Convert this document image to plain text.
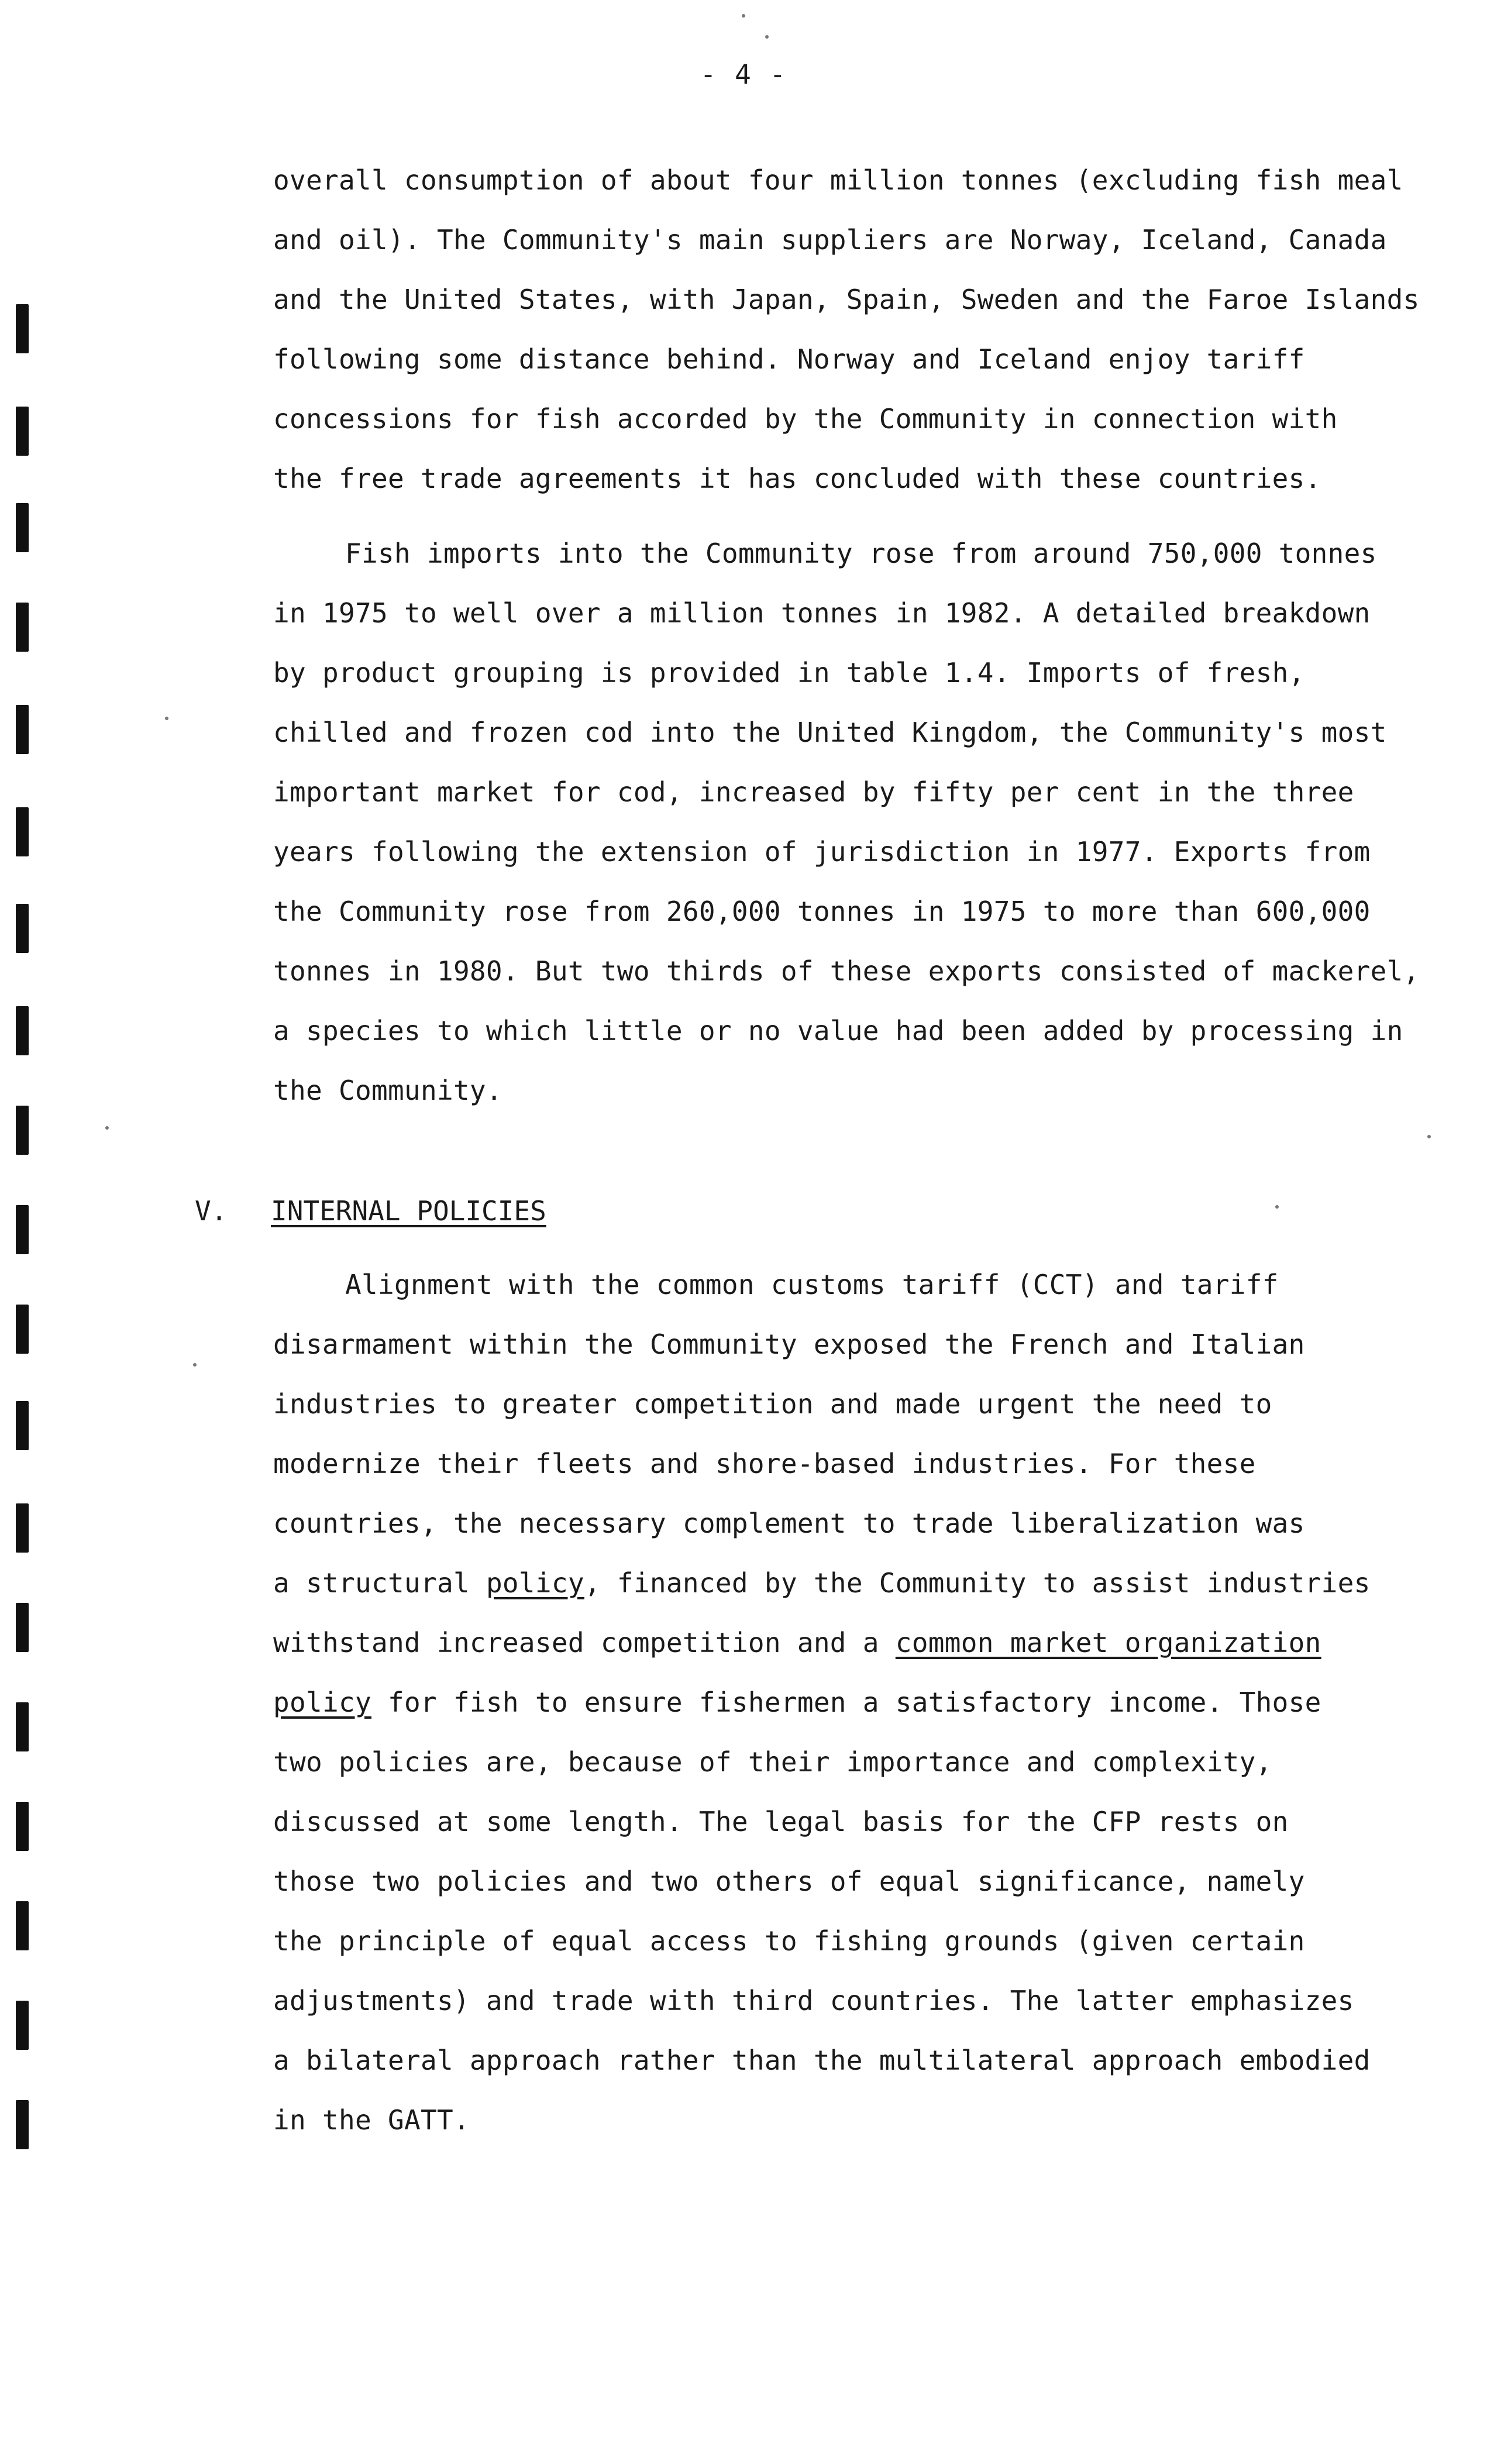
- 4 -
overall consumption of about four million tonnes (excluding fish meal
and oil). The Community's main suppliers are Norway, Iceland, Canada
and the United States, with Japan, Spain, Sweden and the Faroe Islands
following some distance behind. Norway and Iceland enjoy tariff
concessions for fish accorded by the Community in connection with
the free trade agreements it has concluded with these countries.
Fish imports into the Community rose from around 750,000 tonnes
in 1975 to well over a million tonnes in 1982. A detailed breakdown
by product grouping is provided in table 1.4. Imports of fresh,
chilled and frozen cod into the United Kingdom, the Community's most
important market for cod, increased by fifty per cent in the three
years following the extension of jurisdiction in 1977. Exports from
the Community rose from 260,000 tonnes in 1975 to more than 600,000
tonnes in 1980. But two thirds of these exports consisted of mackerel,
a species to which little or no value had been added by processing in
the Community.
V. INTERNAL POLICIES
Alignment with the common customs tariff (CCT) and tariff
disarmament within the Community exposed the French and Italian
industries to greater competition and made urgent the need to
modernize their fleets and shore-based industries. For these
countries, the necessary complement to trade liberalization was
a structural policy, financed by the Community to assist industries
withstand increased competition and a common market organization
policy for fish to ensure fishermen a satisfactory income. Those
two policies are, because of their importance and complexity,
discussed at some length. The legal basis for the CFP rests on
those two policies and two others of equal significance, namely
the principle of equal access to fishing grounds (given certain
adjustments) and trade with third countries. The latter emphasizes
a bilateral approach rather than the multilateral approach embodied
in the GATT.
